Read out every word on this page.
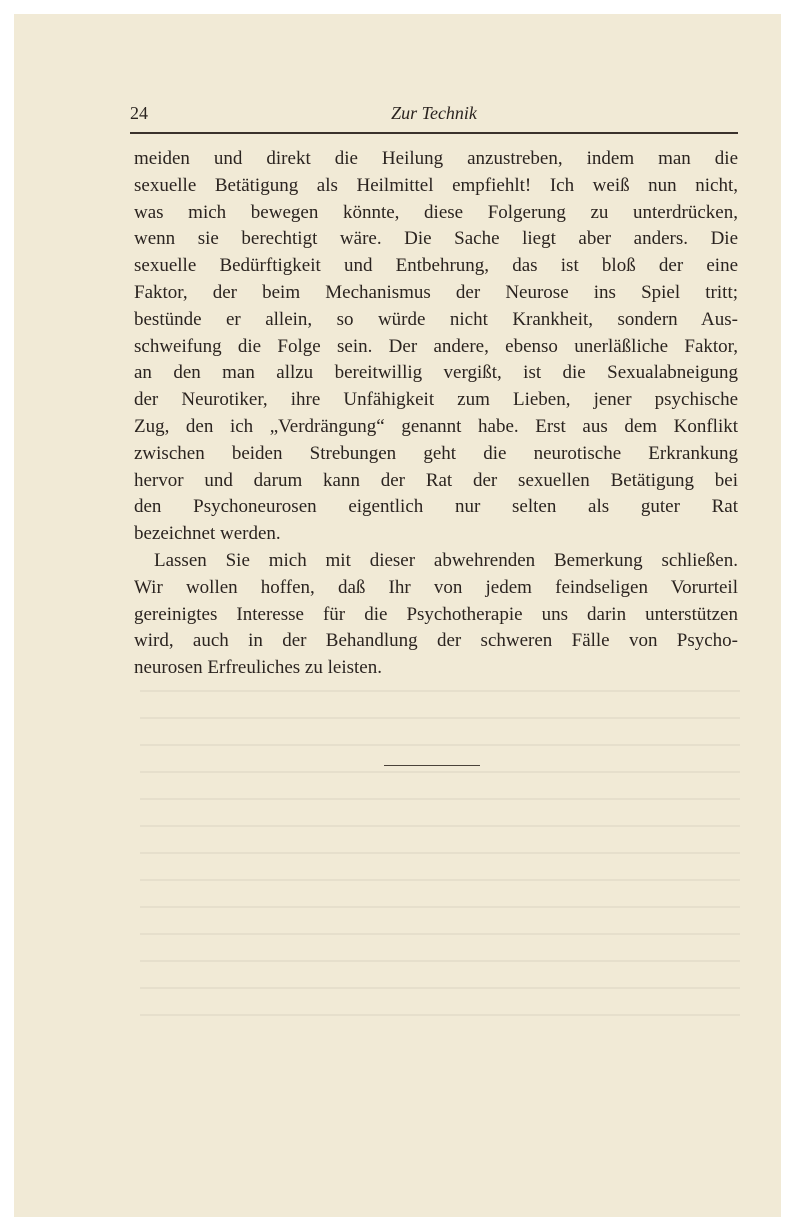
24	Zur Technik
meiden und direkt die Heilung anzustreben, indem man die
sexuelle Betätigung als Heilmittel empfiehlt! Ich weiß nun nicht,
was mich bewegen könnte, diese Folgerung zu unterdrücken,
wenn sie berechtigt wäre. Die Sache liegt aber anders. Die
sexuelle Bedürftigkeit und Entbehrung, das ist bloß der eine
Faktor, der beim Mechanismus der Neurose ins Spiel tritt;
bestünde er allein, so würde nicht Krankheit, sondern Aus-
schweifung die Folge sein. Der andere, ebenso unerläßliche Faktor,
an den man allzu bereitwillig vergißt, ist die Sexualabneigung
der Neurotiker, ihre Unfähigkeit zum Lieben, jener psychische
Zug, den ich „Verdrängung“ genannt habe. Erst aus dem Konflikt
zwischen beiden Strebungen geht die neurotische Erkrankung
hervor und darum kann der Rat der sexuellen Betätigung bei
den Psychoneurosen eigentlich nur selten als guter Rat
bezeichnet werden.
Lassen Sie mich mit dieser abwehrenden Bemerkung schließen.
Wir wollen hoffen, daß Ihr von jedem feindseligen Vorurteil
gereinigtes Interesse für die Psychotherapie uns darin unterstützen
wird, auch in der Behandlung der schweren Fälle von Psycho-
neurosen Erfreuliches zu leisten.
